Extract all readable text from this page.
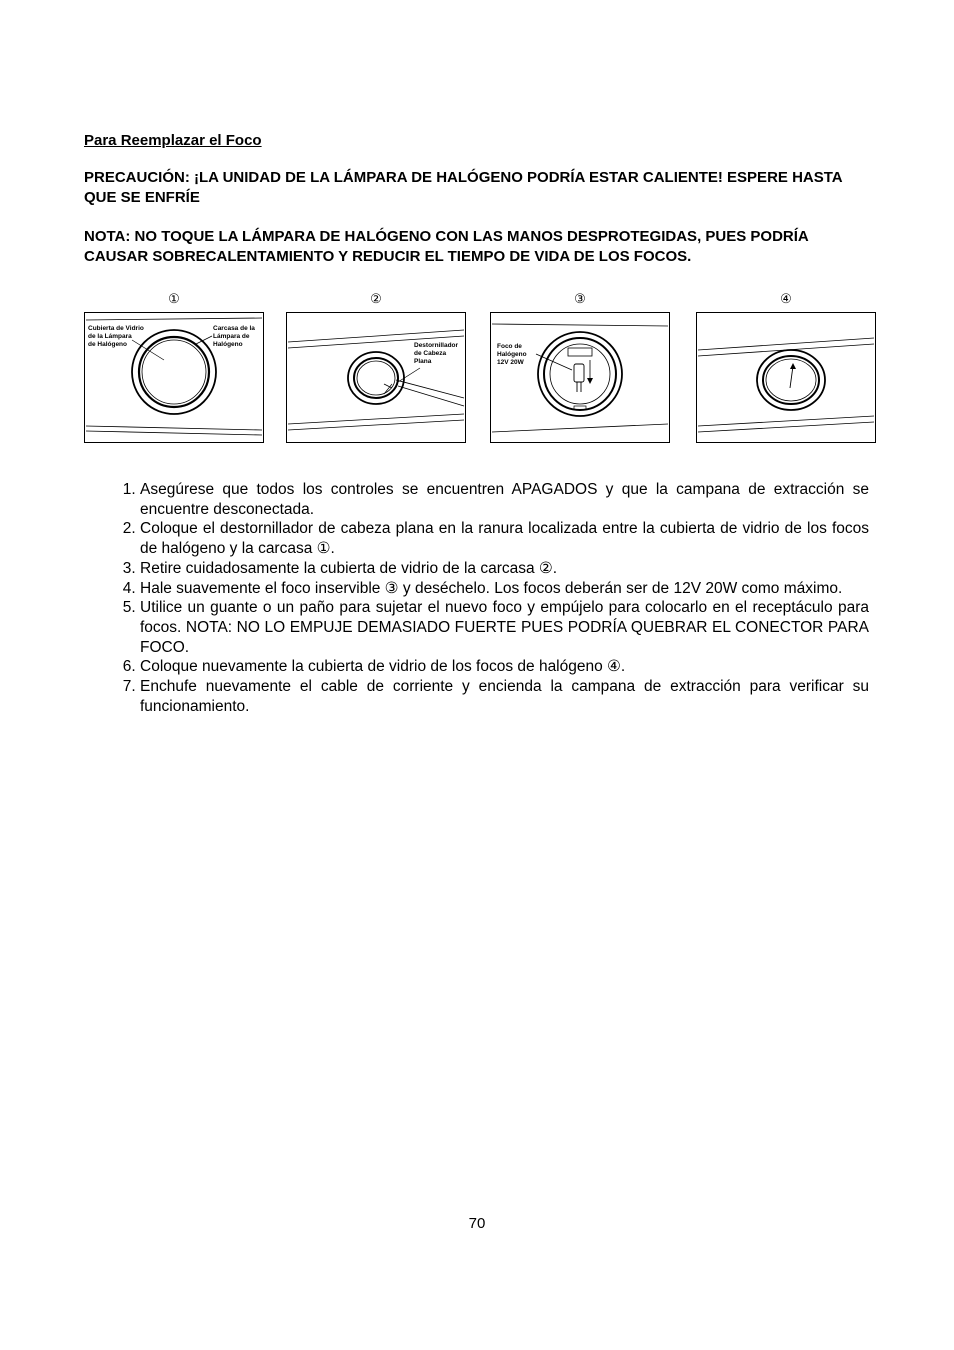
Para Reemplazar el Foco

PRECAUCIÓN: ¡LA UNIDAD DE LA LÁMPARA DE HALÓGENO PODRÍA ESTAR CALIENTE! ESPERE HASTA QUE SE ENFRÍE

NOTA: NO TOQUE LA LÁMPARA DE HALÓGENO CON LAS MANOS DESPROTEGIDAS, PUES PODRÍA CAUSAR SOBRECALENTAMIENTO Y REDUCIR EL TIEMPO DE VIDA DE LOS FOCOS.

①
Cubierta de Vidrio
de la Lámpara
de Halógeno
Carcasa de la
Lámpara de
Halógeno
②
Destornillador
de Cabeza
Plana
③
Foco de
Halógeno
12V 20W
④
1. Asegúrese que todos los controles se encuentren APAGADOS y que la campana de extracción se encuentre desconectada.
2. Coloque el destornillador de cabeza plana en la ranura localizada entre la cubierta de vidrio de los focos de halógeno y la carcasa ①.
3. Retire cuidadosamente la cubierta de vidrio de la carcasa ②.
4. Hale suavemente el foco inservible ③ y deséchelo. Los focos deberán ser de 12V 20W como máximo.
5. Utilice un guante o un paño para sujetar el nuevo foco y empújelo para colocarlo en el receptáculo para focos. NOTA: NO LO EMPUJE DEMASIADO FUERTE PUES PODRÍA QUEBRAR EL CONECTOR PARA FOCO.
6. Coloque nuevamente la cubierta de vidrio de los focos de halógeno ④.
7. Enchufe nuevamente el cable de corriente y encienda la campana de extracción para verificar su funcionamiento.
70
